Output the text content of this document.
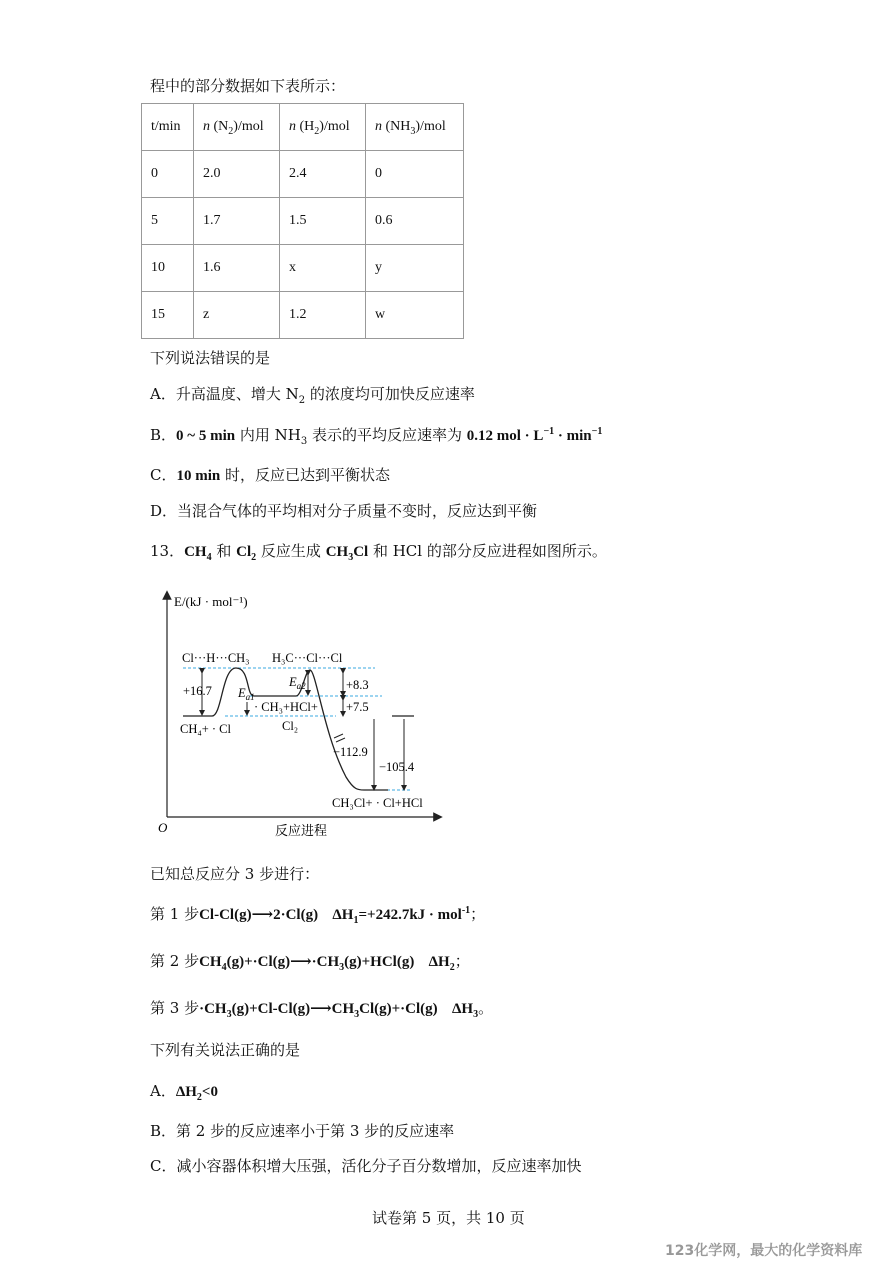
程中的部分数据如下表所示：
t/min	n $(N_2)$/mol	n $(H_2)$/mol	n $(NH_3)$/mol
0	2.0	2.4	0
5	1.7	1.5	0.6
10	1.6	x	y
15	z	1.2	w
下列说法错误的是
A．升高温度、增大 $N_2$ 的浓度均可加快反应速率
B．0 ~ 5 min 内用 $NH_3$ 表示的平均反应速率为 0.12 mol · $L^{-1} \cdot \min^{-1}$
C．10 min 时，反应已达到平衡状态
D．当混合气体的平均相对分子质量不变时，反应达到平衡
13．$CH_4$ 和 $Cl_2$ 反应生成 $CH_3Cl$ 和 HCl 的部分反应进程如图所示。
E/(kJ · mol⁻¹)
O	反应进程
Cl···H···CH₃ H₃C···Cl···Cl
CH₄+ · Cl
· CH₃+HCl+
Cl₂
CH₃Cl+ · Cl+HCl
+16.7 $E_{a1}$
$E_{a2}$	+8.3
+7.5
−112.9
−105.4
已知总反应分 3 步进行：
第 1 步Cl-Cl(g)⟶2·Cl(g) $\Delta H_1=+242.7kJ \cdot mol^{-1}$；
第 2 步$CH_4(g)+\cdot Cl(g)⟶\cdot CH_3(g)+HCl(g)$ $\Delta H_2$；
第 3 步$\cdot CH_3(g)+Cl-Cl(g)⟶CH_3Cl(g)+\cdot Cl(g)$ $\Delta H_3$。
下列有关说法正确的是
A．$\Delta H_2<0$
B．第 2 步的反应速率小于第 3 步的反应速率
C．减小容器体积增大压强，活化分子百分数增加，反应速率加快
试卷第 5 页，共 10 页
123化学网，最大的化学资料库
